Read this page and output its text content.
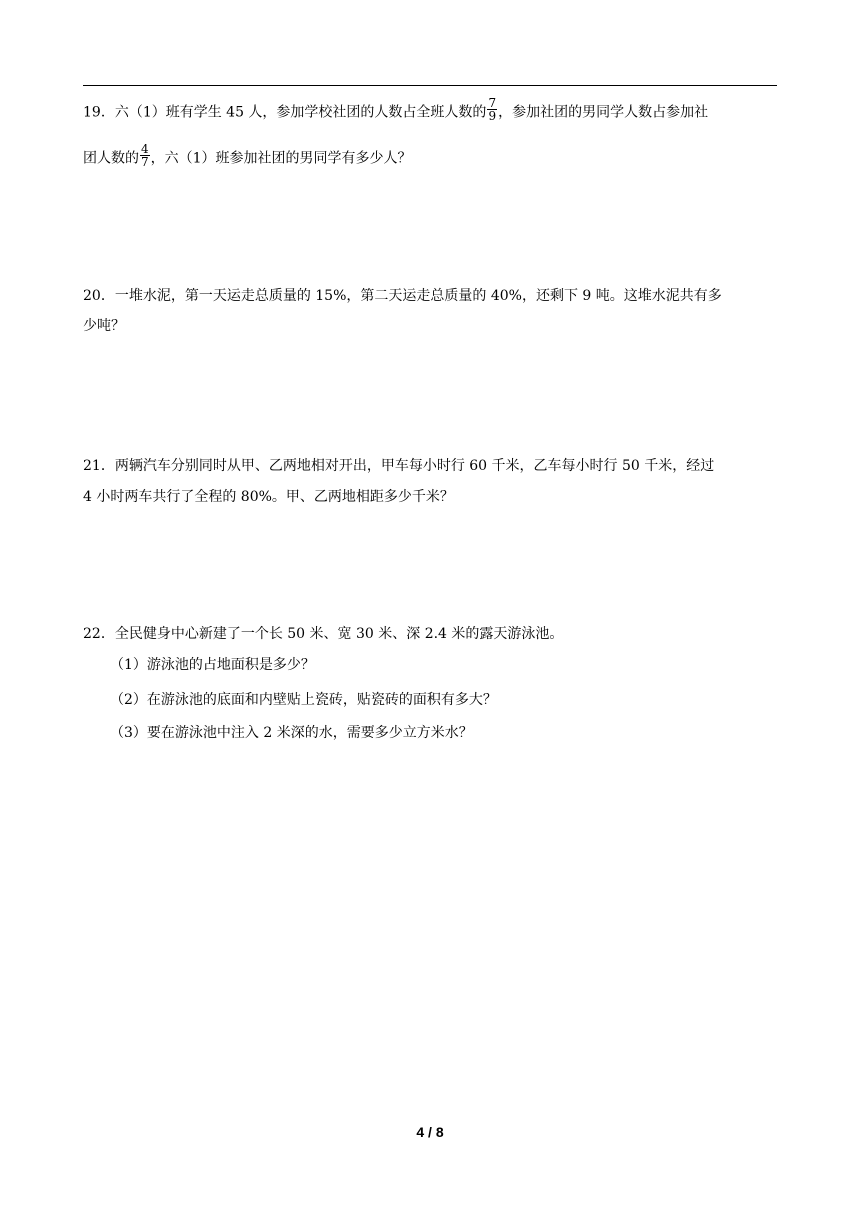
19．六（1）班有学生 45 人，参加学校社团的人数占全班人数的 $\frac{7}{9}$ ，参加社团的男同学人数占参加社
团人数的 $\frac{4}{7}$ ，六（1）班参加社团的男同学有多少人？
20．一堆水泥，第一天运走总质量的 15%，第二天运走总质量的 40%，还剩下 9 吨。这堆水泥共有多
少吨？
21．两辆汽车分别同时从甲、乙两地相对开出，甲车每小时行 60 千米，乙车每小时行 50 千米，经过
4 小时两车共行了全程的 80%。甲、乙两地相距多少千米？
22．全民健身中心新建了一个长 50 米、宽 30 米、深 2.4 米的露天游泳池。
（1）游泳池的占地面积是多少？
（2）在游泳池的底面和内壁贴上瓷砖，贴瓷砖的面积有多大？
（3）要在游泳池中注入 2 米深的水，需要多少立方米水？
4 / 8
